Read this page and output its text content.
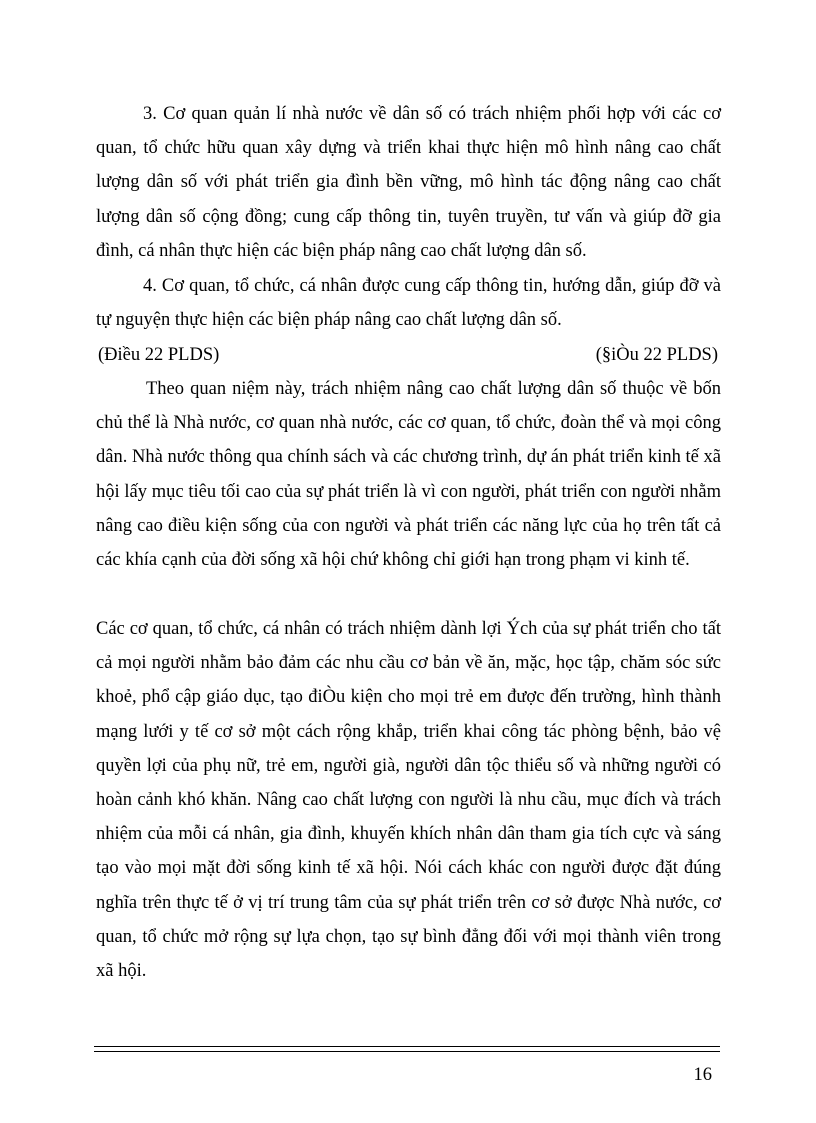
3. Cơ quan quản lí nhà nước về dân số có trách nhiệm phối hợp với các cơ quan, tổ chức hữu quan xây dựng và triển khai thực hiện mô hình nâng cao chất lượng dân số với phát triển gia đình bền vững, mô hình tác động nâng cao chất lượng dân số cộng đồng; cung cấp thông tin, tuyên truyền, tư vấn và giúp đỡ gia đình, cá nhân thực hiện các biện pháp nâng cao chất lượng dân số.

4. Cơ quan, tổ chức, cá nhân được cung cấp thông tin, hướng dẫn, giúp đỡ và tự nguyện thực hiện các biện pháp nâng cao chất lượng dân số.

(Điều 22 PLDS)	(§iÒu 22 PLDS)

Theo quan niệm này, trách nhiệm nâng cao chất lượng dân số thuộc về bốn chủ thể là Nhà nước, cơ quan nhà nước, các cơ quan, tổ chức, đoàn thể và mọi công dân. Nhà nước thông qua chính sách và các chương trình, dự án phát triển kinh tế xã hội lấy mục tiêu tối cao của sự phát triển là vì con người, phát triển con người nhằm nâng cao điều kiện sống của con người và phát triển các năng lực của họ trên tất cả các khía cạnh của đời sống xã hội chứ không chỉ giới hạn trong phạm vi kinh tế.

Các cơ quan, tổ chức, cá nhân có trách nhiệm dành lợi Ých của sự phát triển cho tất cả mọi người nhằm bảo đảm các nhu cầu cơ bản về ăn, mặc, học tập, chăm sóc sức khoẻ, phổ cập giáo dục, tạo điÒu kiện cho mọi trẻ em được đến trường, hình thành mạng lưới y tế cơ sở một cách rộng khắp, triển khai công tác phòng bệnh, bảo vệ quyền lợi của phụ nữ, trẻ em, người già, người dân tộc thiểu số và những người có hoàn cảnh khó khăn. Nâng cao chất lượng con người là nhu cầu, mục đích và trách nhiệm của mỗi cá nhân, gia đình, khuyến khích nhân dân tham gia tích cực và sáng tạo vào mọi mặt đời sống kinh tế xã hội. Nói cách khác con người được đặt đúng nghĩa trên thực tế ở vị trí trung tâm của sự phát triển trên cơ sở được Nhà nước, cơ quan, tổ chức mở rộng sự lựa chọn, tạo sự bình đẳng đối với mọi thành viên trong xã hội.

16
